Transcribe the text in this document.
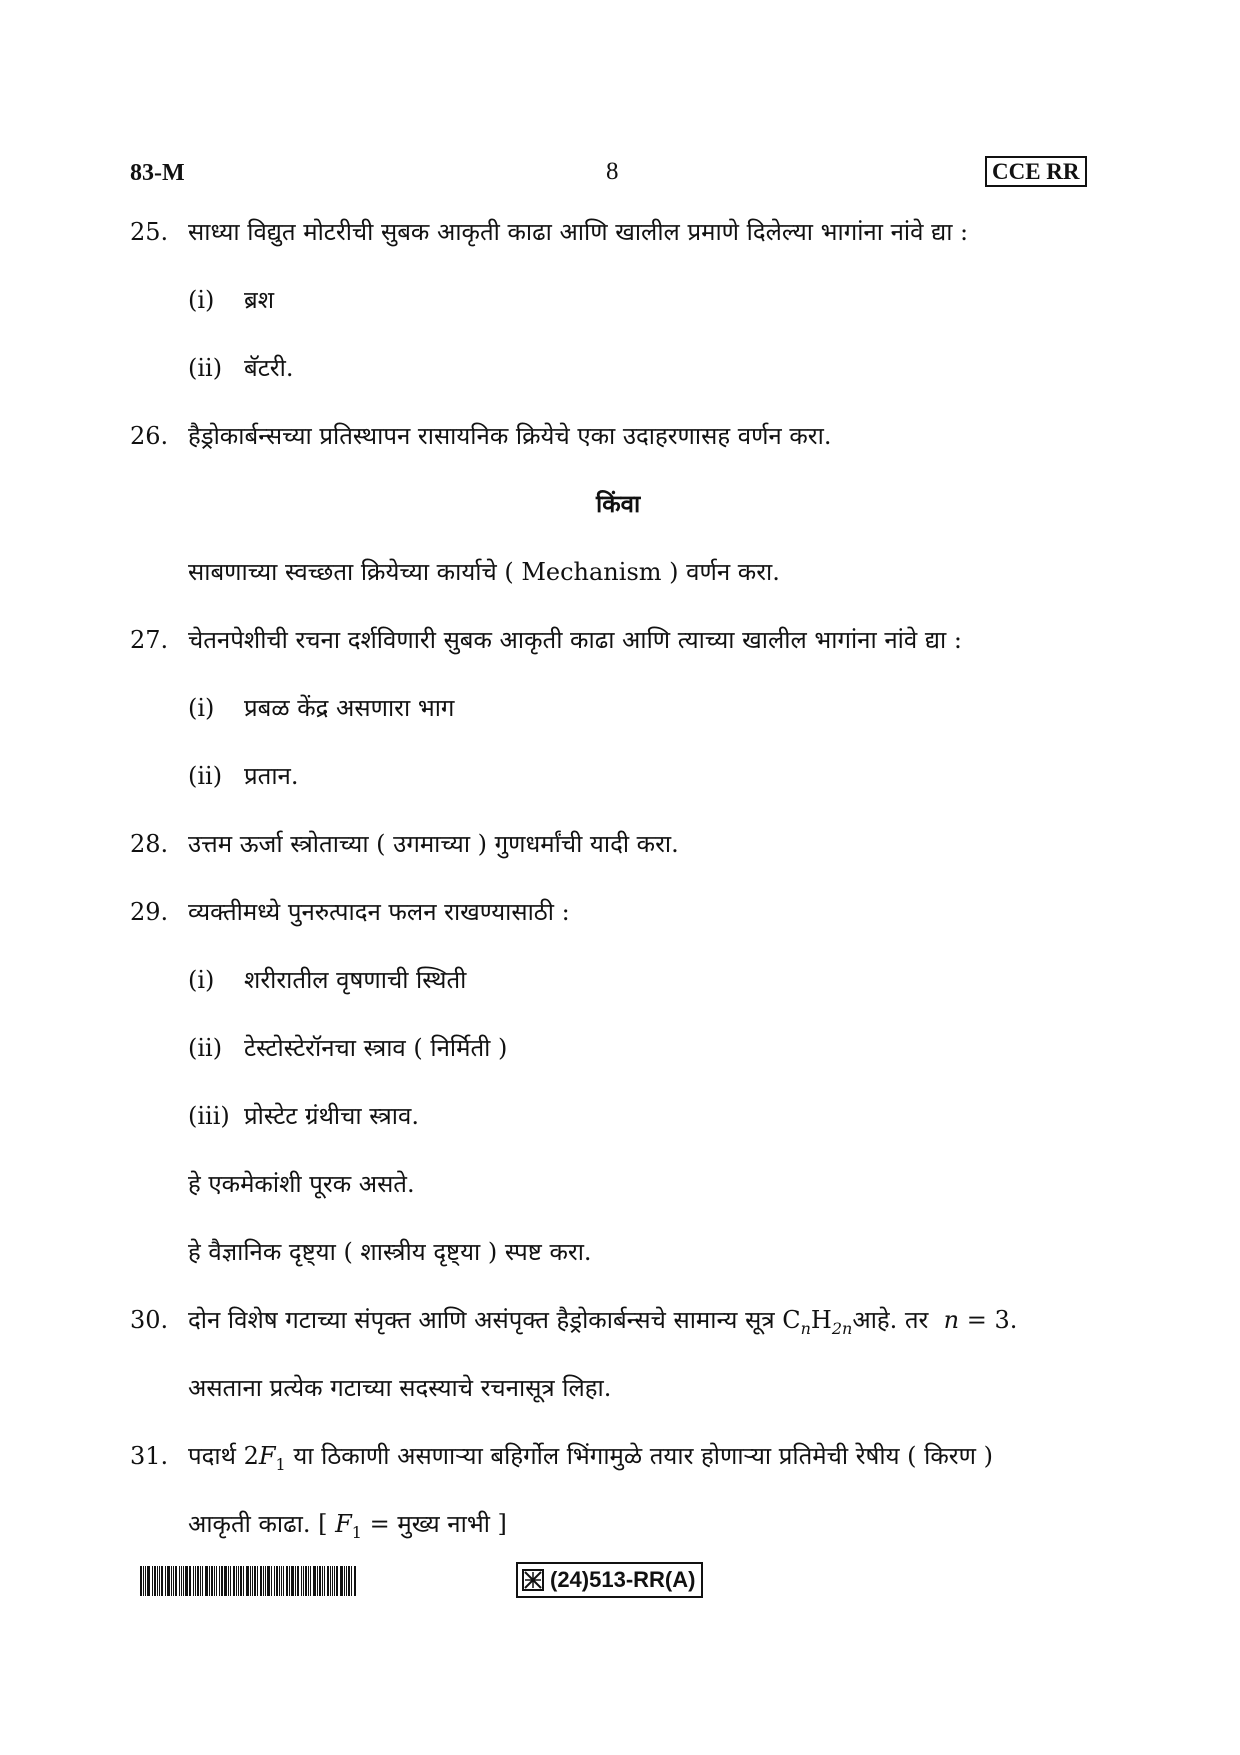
83-M	8	CCE RR
25. साध्या विद्युत मोटरीची सुबक आकृती काढा आणि खालील प्रमाणे दिलेल्या भागांना नांवे द्या :
(i) ब्रश
(ii) बॅटरी.
26. हैड्रोकार्बन्सच्या प्रतिस्थापन रासायनिक क्रियेचे एका उदाहरणासह वर्णन करा.
किंवा
साबणाच्या स्वच्छता क्रियेच्या कार्याचे ( Mechanism ) वर्णन करा.
27. चेतनपेशीची रचना दर्शविणारी सुबक आकृती काढा आणि त्याच्या खालील भागांना नांवे द्या :
(i) प्रबळ केंद्र असणारा भाग
(ii) प्रतान.
28. उत्तम ऊर्जा स्त्रोताच्या ( उगमाच्या ) गुणधर्मांची यादी करा.
29. व्यक्तीमध्ये पुनरुत्पादन फलन राखण्यासाठी :
(i) शरीरातील वृषणाची स्थिती
(ii) टेस्टोस्टेरॉनचा स्त्राव ( निर्मिती )
(iii) प्रोस्टेट ग्रंथीचा स्त्राव.
हे एकमेकांशी पूरक असते.
हे वैज्ञानिक दृष्ट्या ( शास्त्रीय दृष्ट्या ) स्पष्ट करा.
30. दोन विशेष गटाच्या संपृक्त आणि असंपृक्त हैड्रोकार्बन्सचे सामान्य सूत्र $C_nH_{2n}आहे$. तर n = 3.
असताना प्रत्येक गटाच्या सदस्याचे रचनासूत्र लिहा.
31. पदार्थ $2F_1$ या ठिकाणी असणाऱ्या बहिर्गोल भिंगामुळे तयार होणाऱ्या प्रतिमेची रेषीय ( किरण )
आकृती काढा. [ $F_1$ = मुख्य नाभी ]
(24)513-RR(A)
